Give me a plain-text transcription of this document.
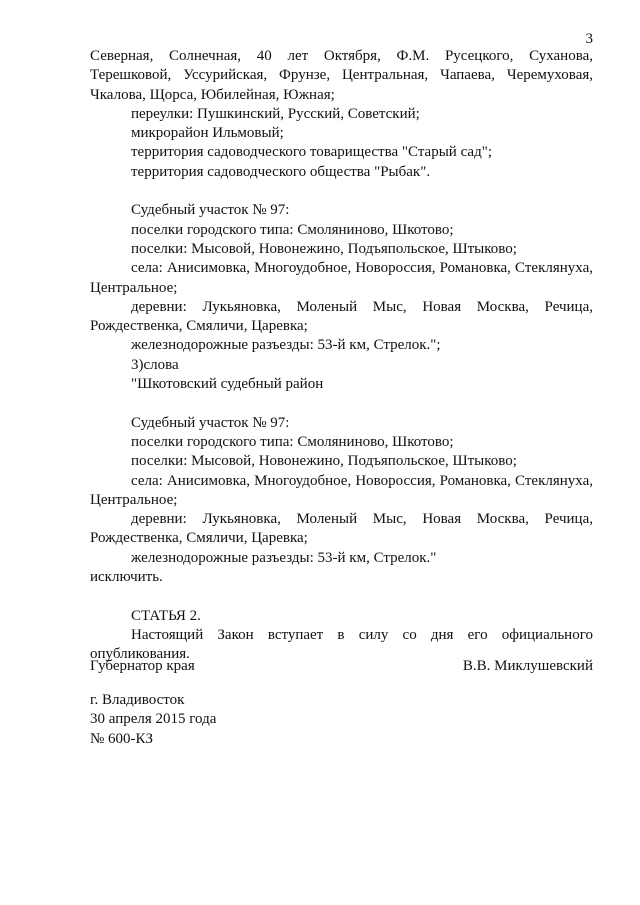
3
Северная, Солнечная, 40 лет Октября, Ф.М. Русецкого, Суханова,
Терешковой, Уссурийская, Фрунзе, Центральная, Чапаева, Черемуховая,
Чкалова, Щорса, Юбилейная, Южная;
переулки: Пушкинский, Русский, Советский;
микрорайон Ильмовый;
территория садоводческого товарищества "Старый сад";
территория садоводческого общества "Рыбак".
Судебный участок № 97:
поселки городского типа: Смоляниново, Шкотово;
поселки: Мысовой, Новонежино, Подъяпольское, Штыково;
села: Анисимовка, Многоудобное, Новороссия, Романовка, Стеклянуха,
Центральное;
деревни: Лукьяновка, Моленый Мыс, Новая Москва, Речица,
Рождественка, Смяличи, Царевка;
железнодорожные разъезды: 53-й км, Стрелок.";
3)слова
"Шкотовский судебный район
Судебный участок № 97:
поселки городского типа: Смоляниново, Шкотово;
поселки: Мысовой, Новонежино, Подъяпольское, Штыково;
села: Анисимовка, Многоудобное, Новороссия, Романовка, Стеклянуха,
Центральное;
деревни: Лукьяновка, Моленый Мыс, Новая Москва, Речица,
Рождественка, Смяличи, Царевка;
железнодорожные разъезды: 53-й км, Стрелок."
исключить.
СТАТЬЯ 2.
Настоящий Закон вступает в силу со дня его официального
опубликования.
Губернатор края	В.В. Миклушевский
г. Владивосток
30 апреля 2015 года
№ 600-КЗ
